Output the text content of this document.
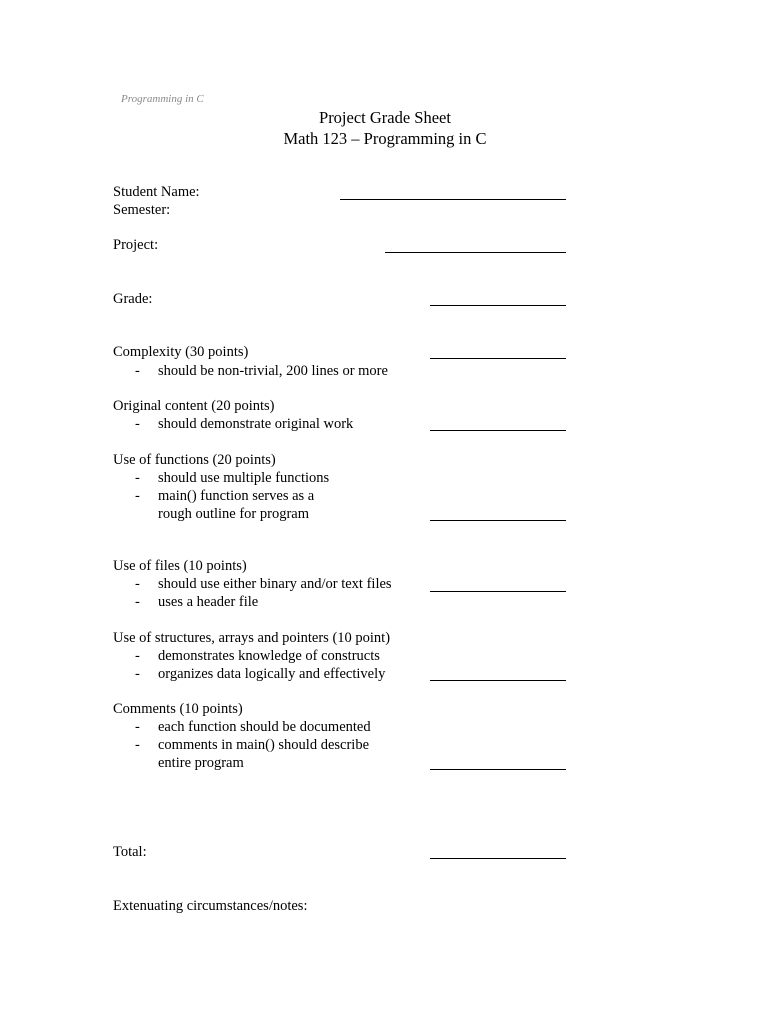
Programming in C
Project Grade Sheet
Math 123 – Programming in C
Student Name:
Semester:
Project:
Grade:
Complexity (30 points)
- should be non-trivial, 200 lines or more
Original content (20 points)
- should demonstrate original work
Use of functions (20 points)
- should use multiple functions
- main() function serves as a
rough outline for program
Use of files (10 points)
- should use either binary and/or text files
- uses a header file
Use of structures, arrays and pointers (10 point)
- demonstrates knowledge of constructs
- organizes data logically and effectively
Comments (10 points)
- each function should be documented
- comments in main() should describe
entire program
Total:
Extenuating circumstances/notes:
